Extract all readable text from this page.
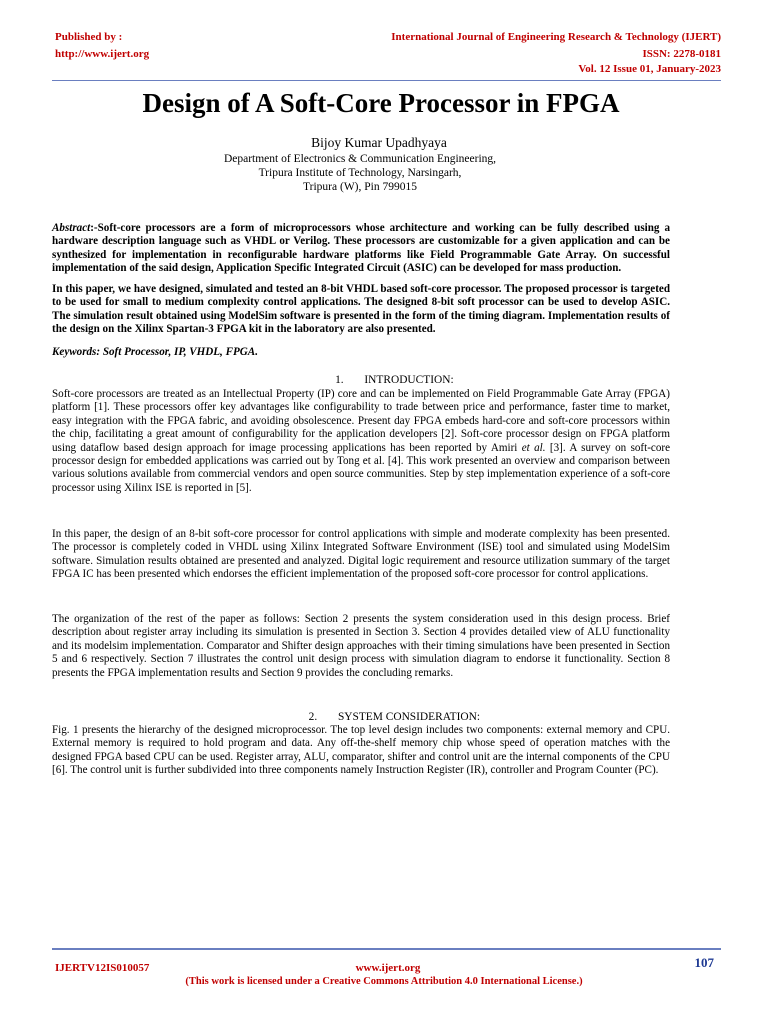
Published by :
http://www.ijert.org
International Journal of Engineering Research & Technology (IJERT)
ISSN: 2278-0181
Vol. 12 Issue 01, January-2023
Design of A Soft-Core Processor in FPGA
Bijoy Kumar Upadhyaya
Department of Electronics & Communication Engineering,
Tripura Institute of Technology, Narsingarh,
Tripura (W), Pin 799015
Abstract:-Soft-core processors are a form of microprocessors whose architecture and working can be fully described using a hardware description language such as VHDL or Verilog. These processors are customizable for a given application and can be synthesized for implementation in reconfigurable hardware platforms like Field Programmable Gate Array. On successful implementation of the said design, Application Specific Integrated Circuit (ASIC) can be developed for mass production.
In this paper, we have designed, simulated and tested an 8-bit VHDL based soft-core processor. The proposed processor is targeted to be used for small to medium complexity control applications. The designed 8-bit soft processor can be used to develop ASIC. The simulation result obtained using ModelSim software is presented in the form of the timing diagram. Implementation results of the design on the Xilinx Spartan-3 FPGA kit in the laboratory are also presented.
Keywords: Soft Processor, IP, VHDL, FPGA.
1. INTRODUCTION:
Soft-core processors are treated as an Intellectual Property (IP) core and can be implemented on Field Programmable Gate Array (FPGA) platform [1]. These processors offer key advantages like configurability to trade between price and performance, faster time to market, easy integration with the FPGA fabric, and avoiding obsolescence. Present day FPGA embeds hard-core and soft-core processors within the chip, facilitating a great amount of configurability for the application developers [2]. Soft-core processor design on FPGA platform using dataflow based design approach for image processing applications has been reported by Amiri et al. [3]. A survey on soft-core processor design for embedded applications was carried out by Tong et al. [4]. This work presented an overview and comparison between various solutions available from commercial vendors and open source communities. Step by step implementation experience of a soft-core processor using Xilinx ISE is reported in [5].
In this paper, the design of an 8-bit soft-core processor for control applications with simple and moderate complexity has been presented. The processor is completely coded in VHDL using Xilinx Integrated Software Environment (ISE) tool and simulated using ModelSim software. Simulation results obtained are presented and analyzed. Digital logic requirement and resource utilization summary of the target FPGA IC has been presented which endorses the efficient implementation of the proposed soft-core processor for control applications.
The organization of the rest of the paper as follows: Section 2 presents the system consideration used in this design process. Brief description about register array including its simulation is presented in Section 3. Section 4 provides detailed view of ALU functionality and its modelsim implementation. Comparator and Shifter design approaches with their timing simulations have been presented in Section 5 and 6 respectively. Section 7 illustrates the control unit design process with simulation diagram to endorse it functionality. Section 8 presents the FPGA implementation results and Section 9 provides the concluding remarks.
2. SYSTEM CONSIDERATION:
Fig. 1 presents the hierarchy of the designed microprocessor. The top level design includes two components: external memory and CPU. External memory is required to hold program and data. Any off-the-shelf memory chip whose speed of operation matches with the designed FPGA based CPU can be used. Register array, ALU, comparator, shifter and control unit are the internal components of the CPU [6]. The control unit is further subdivided into three components namely Instruction Register (IR), controller and Program Counter (PC).
IJERTV12IS010057	www.ijert.org	107
(This work is licensed under a Creative Commons Attribution 4.0 International License.)
